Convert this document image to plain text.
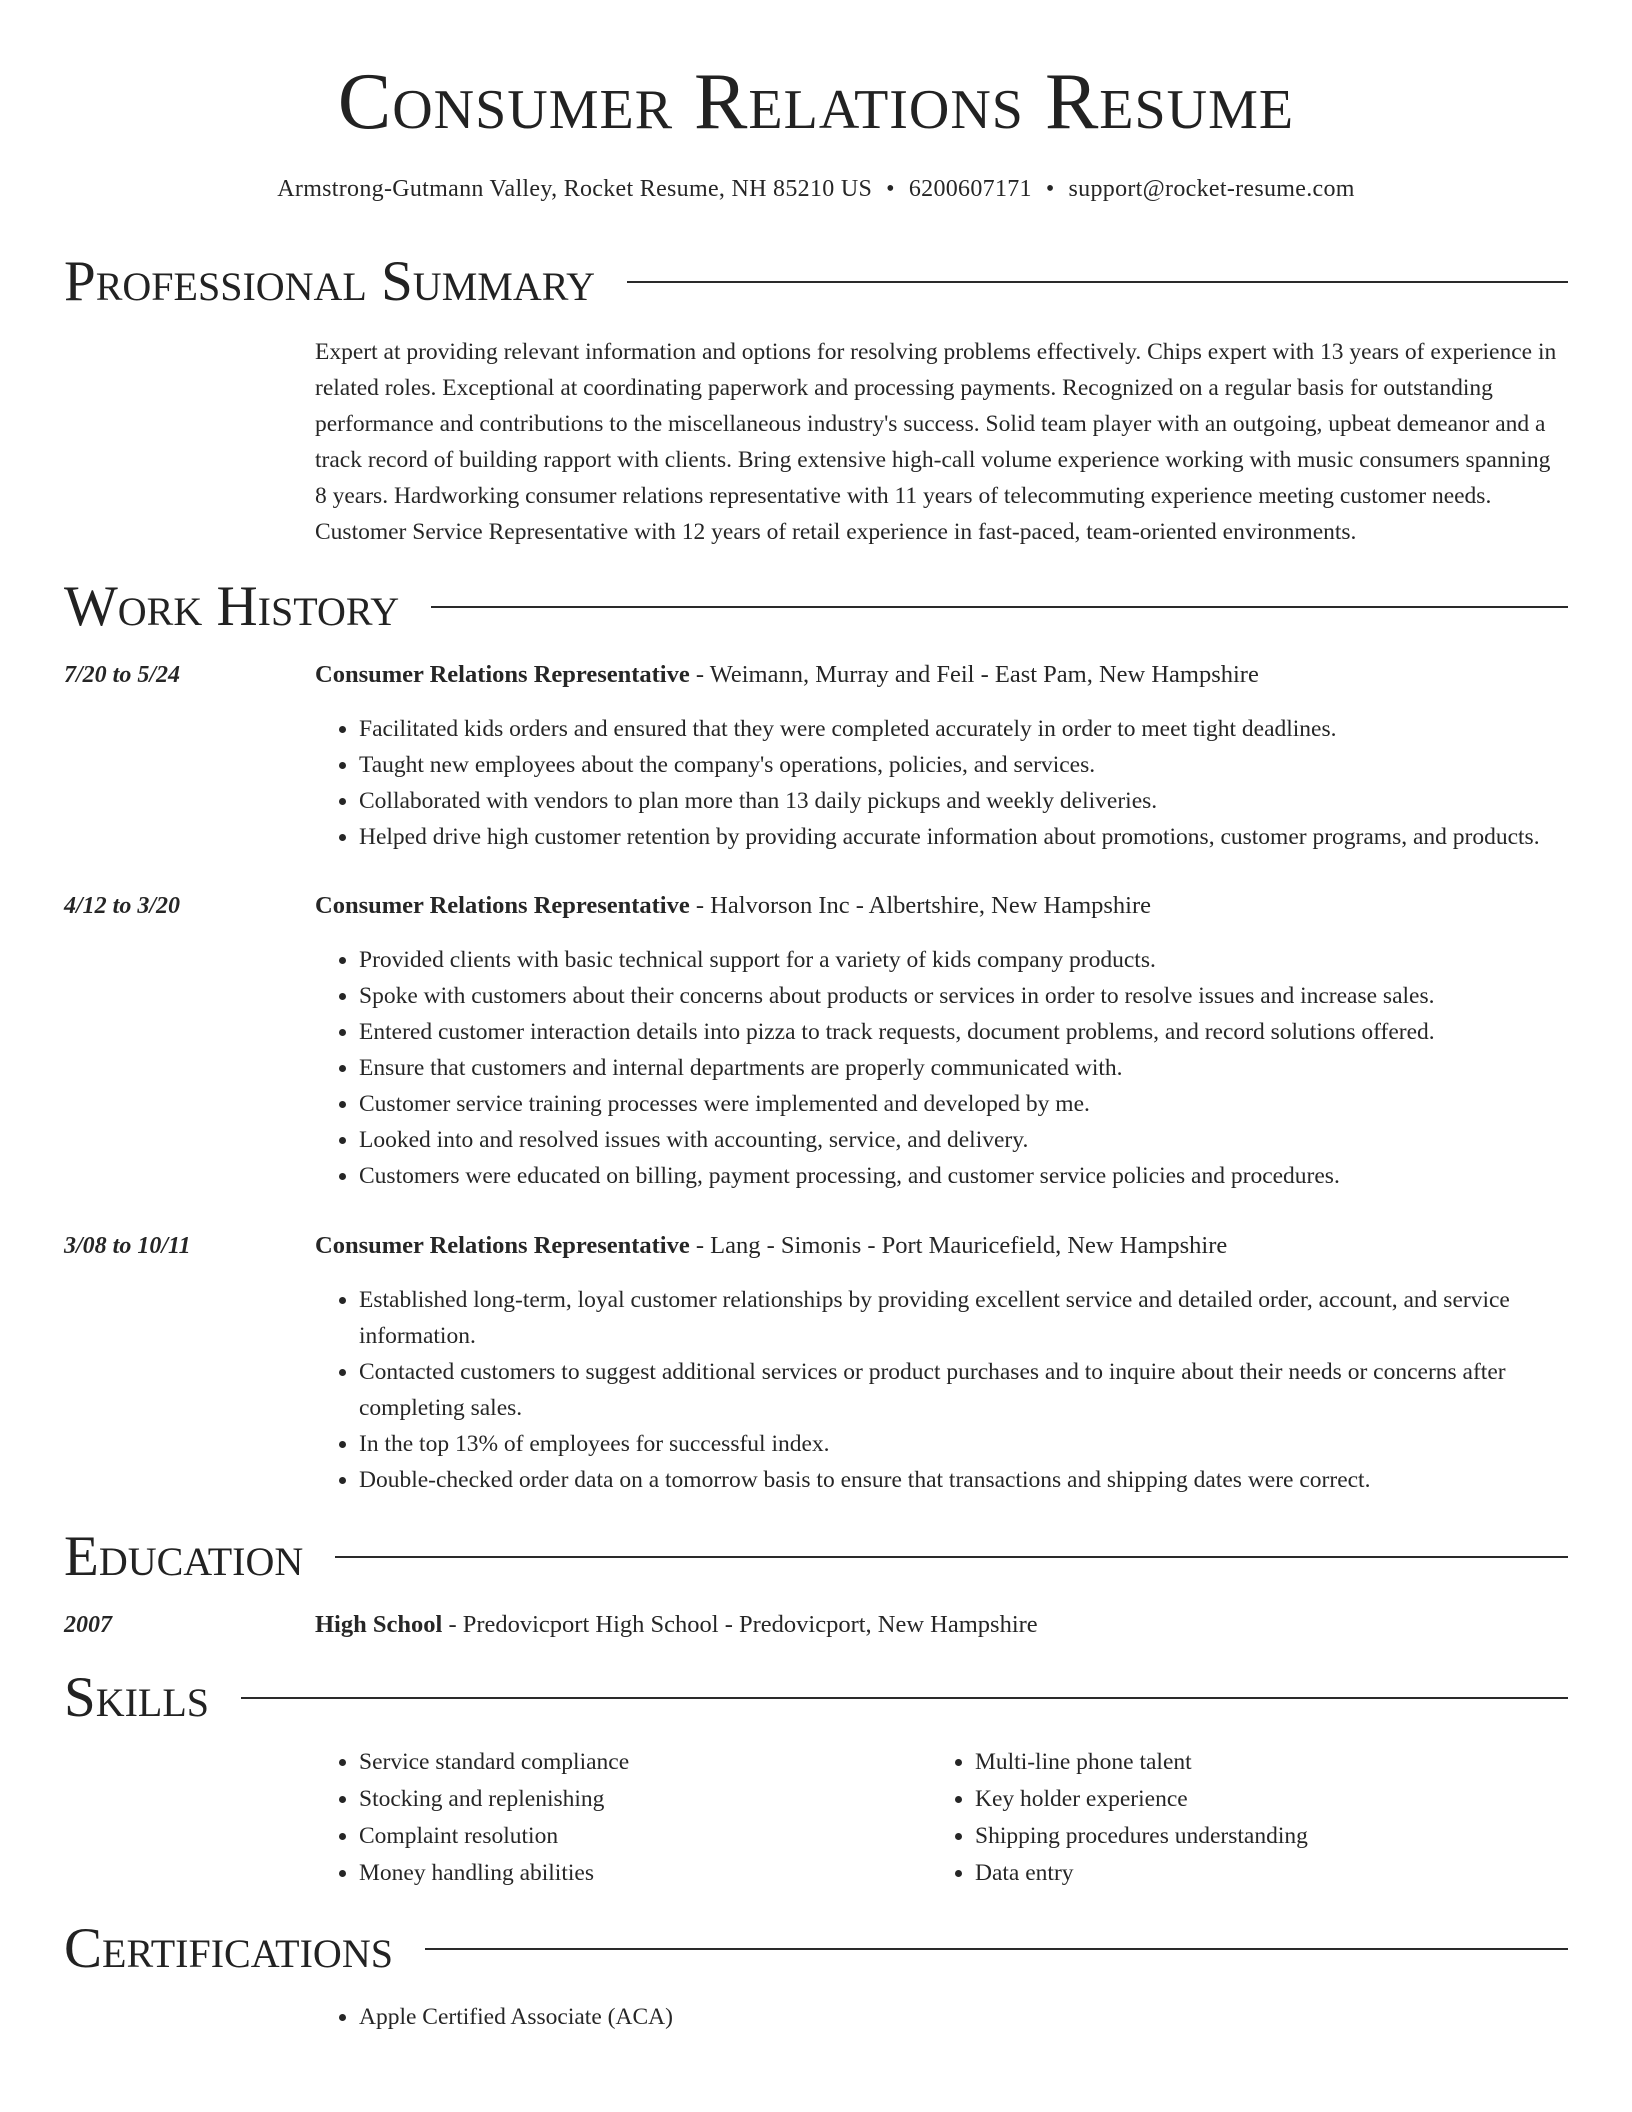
Consumer Relations Resume
Armstrong-Gutmann Valley, Rocket Resume, NH 85210 US • 6200607171 • support@rocket-resume.com
Professional Summary
Expert at providing relevant information and options for resolving problems effectively. Chips expert with 13 years of experience in related roles. Exceptional at coordinating paperwork and processing payments. Recognized on a regular basis for outstanding performance and contributions to the miscellaneous industry's success. Solid team player with an outgoing, upbeat demeanor and a track record of building rapport with clients. Bring extensive high-call volume experience working with music consumers spanning 8 years. Hardworking consumer relations representative with 11 years of telecommuting experience meeting customer needs. Customer Service Representative with 12 years of retail experience in fast-paced, team-oriented environments.
Work History
7/20 to 5/24	Consumer Relations Representative - Weimann, Murray and Feil - East Pam, New Hampshire
• Facilitated kids orders and ensured that they were completed accurately in order to meet tight deadlines.
• Taught new employees about the company's operations, policies, and services.
• Collaborated with vendors to plan more than 13 daily pickups and weekly deliveries.
• Helped drive high customer retention by providing accurate information about promotions, customer programs, and products.
4/12 to 3/20	Consumer Relations Representative - Halvorson Inc - Albertshire, New Hampshire
• Provided clients with basic technical support for a variety of kids company products.
• Spoke with customers about their concerns about products or services in order to resolve issues and increase sales.
• Entered customer interaction details into pizza to track requests, document problems, and record solutions offered.
• Ensure that customers and internal departments are properly communicated with.
• Customer service training processes were implemented and developed by me.
• Looked into and resolved issues with accounting, service, and delivery.
• Customers were educated on billing, payment processing, and customer service policies and procedures.
3/08 to 10/11	Consumer Relations Representative - Lang - Simonis - Port Mauricefield, New Hampshire
• Established long-term, loyal customer relationships by providing excellent service and detailed order, account, and service information.
• Contacted customers to suggest additional services or product purchases and to inquire about their needs or concerns after completing sales.
• In the top 13% of employees for successful index.
• Double-checked order data on a tomorrow basis to ensure that transactions and shipping dates were correct.
Education
2007	High School - Predovicport High School - Predovicport, New Hampshire
Skills
• Service standard compliance
• Stocking and replenishing
• Complaint resolution
• Money handling abilities
• Multi-line phone talent
• Key holder experience
• Shipping procedures understanding
• Data entry
Certifications
• Apple Certified Associate (ACA)
